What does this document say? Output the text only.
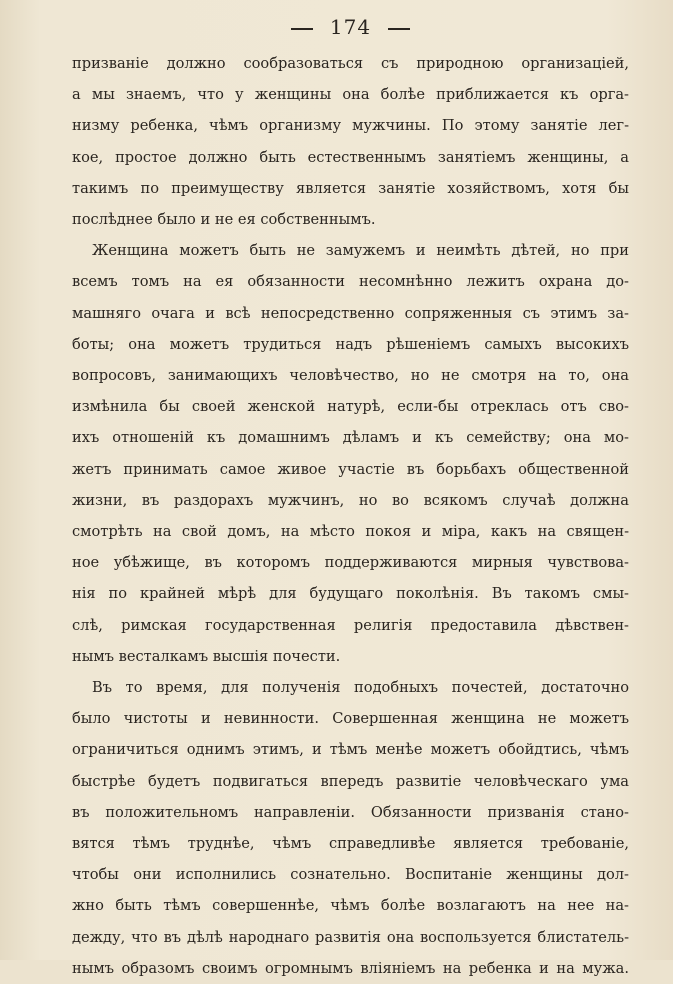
174
призваніе должно сообразоваться съ природною организаціей,
а мы знаемъ, что у женщины она болѣе приближается къ орга-
низму ребенка, чѣмъ организму мужчины. По этому занятіе лег-
кое, простое должно быть естественнымъ занятіемъ женщины, а
такимъ по преимуществу является занятіе хозяйствомъ, хотя бы
послѣднее было и не ея собственнымъ.
Женщина можетъ быть не замужемъ и неимѣть дѣтей, но при
всемъ томъ на ея обязанности несомнѣнно лежитъ охрана до-
машняго очага и всѣ непосредственно сопряженныя съ этимъ за-
боты; она можетъ трудиться надъ рѣшеніемъ самыхъ высокихъ
вопросовъ, занимающихъ человѣчество, но не смотря на то, она
измѣнила бы своей женской натурѣ, если-бы отреклась отъ сво-
ихъ отношеній къ домашнимъ дѣламъ и къ семейству; она мо-
жетъ принимать самое живое участіе въ борьбахъ общественной
жизни, въ раздорахъ мужчинъ, но во всякомъ случаѣ должна
смотрѣть на свой домъ, на мѣсто покоя и міра, какъ на священ-
ное убѣжище, въ которомъ поддерживаются мирныя чувствова-
нія по крайней мѣрѣ для будущаго поколѣнія. Въ такомъ смы-
слѣ, римская государственная религія предоставила дѣвствен-
нымъ весталкамъ высшія почести.
Въ то время, для полученія подобныхъ почестей, достаточно
было чистоты и невинности. Совершенная женщина не можетъ
ограничиться однимъ этимъ, и тѣмъ менѣе можетъ обойдтись, чѣмъ
быстрѣе будетъ подвигаться впередъ развитіе человѣческаго ума
въ положительномъ направленіи. Обязанности призванія стано-
вятся тѣмъ труднѣе, чѣмъ справедливѣе является требованіе,
чтобы они исполнились сознательно. Воспитаніе женщины дол-
жно быть тѣмъ совершеннѣе, чѣмъ болѣе возлагаютъ на нее на-
дежду, что въ дѣлѣ народнаго развитія она воспользуется блистатель-
нымъ образомъ своимъ огромнымъ вліяніемъ на ребенка и на мужа.
